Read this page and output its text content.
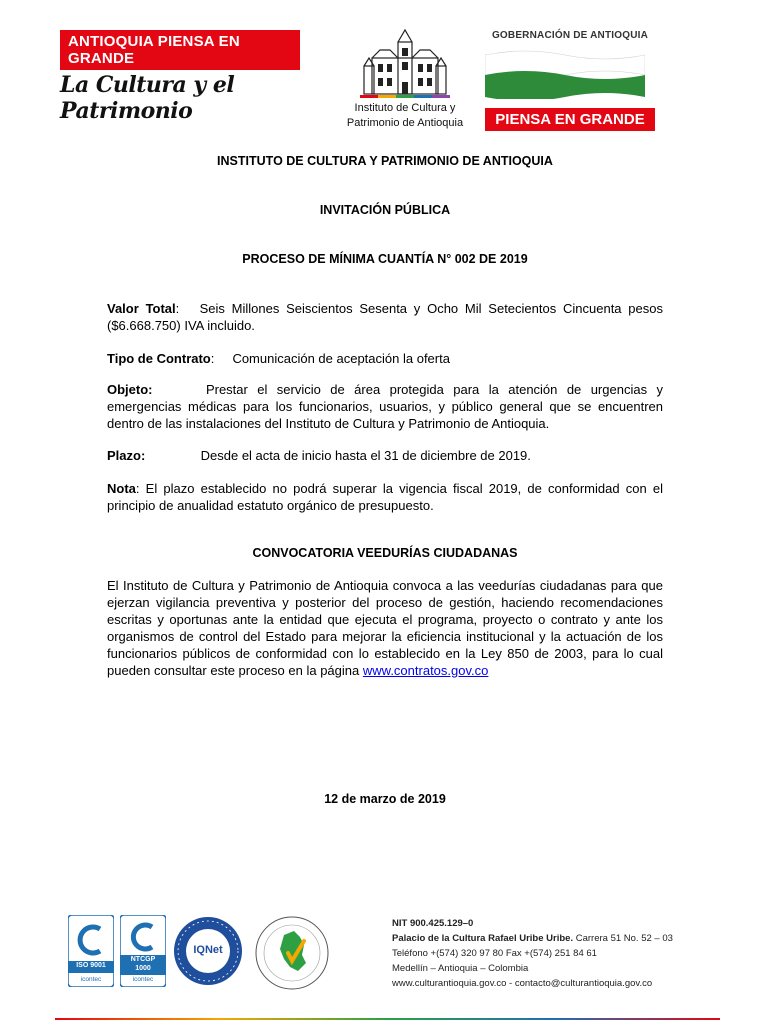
ANTIOQUIA PIENSA EN GRANDE
La Cultura y el Patrimonio	Instituto de Cultura y
Patrimonio de Antioquia
GOBERNACIÓN DE ANTIOQUIA
PIENSA EN GRANDE
INSTITUTO DE CULTURA Y PATRIMONIO DE ANTIOQUIA
INVITACIÓN PÚBLICA
PROCESO DE MÍNIMA CUANTÍA N° 002 DE 2019
Valor Total:   Seis Millones Seiscientos Sesenta y Ocho Mil Setecientos Cincuenta pesos ($6.668.750) IVA incluido.
Tipo de Contrato:     Comunicación de aceptación la oferta
Objeto:	Prestar el servicio de área protegida para la atención de urgencias y emergencias médicas para los funcionarios, usuarios, y público general que se encuentren dentro de las instalaciones del Instituto de Cultura y Patrimonio de Antioquia.
Plazo:	Desde el acta de inicio hasta el 31 de diciembre de 2019.
Nota: El plazo establecido no podrá superar la vigencia fiscal 2019, de conformidad con el principio de anualidad estatuto orgánico de presupuesto.
CONVOCATORIA VEEDURÍAS CIUDADANAS
El Instituto de Cultura y Patrimonio de Antioquia convoca a las veedurías ciudadanas para que ejerzan vigilancia preventiva y posterior del proceso de gestión, haciendo recomendaciones escritas y oportunas ante la entidad que ejecuta el programa, proyecto o contrato y ante los organismos de control del Estado para mejorar la eficiencia institucional y la actuación de los funcionarios públicos de conformidad con lo establecido en la Ley 850 de 2003, para lo cual pueden consultar este proceso en la página www.contratos.gov.co
12 de marzo de 2019
ISO 9001
icontec
NTCGP
1000
icontec
IQNet
NIT 900.425.129–0
Palacio de la Cultura Rafael Uribe Uribe. Carrera 51 No. 52 – 03
Teléfono +(574) 320 97 80 Fax +(574) 251 84 61
Medellín – Antioquia – Colombia
www.culturantioquia.gov.co - contacto@culturantioquia.gov.co
